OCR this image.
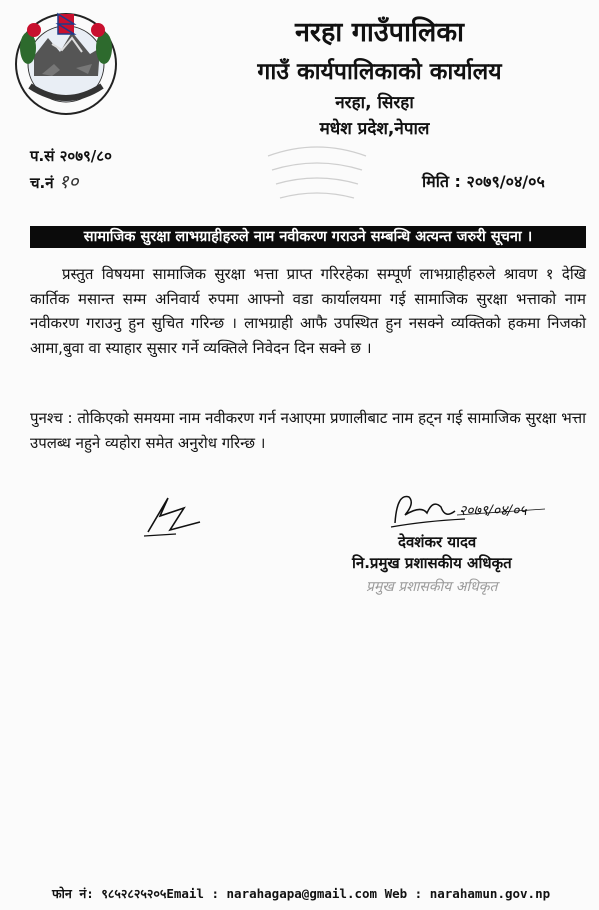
नरहा गाउँपालिका
गाउँ कार्यपालिकाको कार्यालय
नरहा, सिरहा
मधेश प्रदेश,नेपाल
प.सं २०७९/८०
च.नं १०	मिति : २०७९/०४/०५
सामाजिक सुरक्षा लाभग्राहीहरुले नाम नवीकरण गराउने सम्बन्धि अत्यन्त जरुरी सूचना ।
प्रस्तुत विषयमा सामाजिक सुरक्षा भत्ता प्राप्त गरिरहेका सम्पूर्ण लाभग्राहीहरुले श्रावण १ देखि कार्तिक मसान्त सम्म अनिवार्य रुपमा आफ्नो वडा कार्यालयमा गई सामाजिक सुरक्षा भत्ताको नाम नवीकरण गराउनु हुन सुचित गरिन्छ । लाभग्राही आफै उपस्थित हुन नसक्ने व्यक्तिको हकमा निजको आमा,बुवा वा स्याहार सुसार गर्ने व्यक्तिले निवेदन दिन सक्ने छ ।
पुनश्च : तोकिएको समयमा नाम नवीकरण गर्न नआएमा प्रणालीबाट नाम हट्न गई सामाजिक सुरक्षा भत्ता उपलब्ध नहुने व्यहोरा समेत अनुरोध गरिन्छ ।
२०७९/०४/०५
देवशंकर यादव
नि.प्रमुख प्रशासकीय अधिकृत
प्रमुख प्रशासकीय अधिकृत
फोन नं: ९८५२८२५२०५Email : narahagapa@gmail.com Web : narahamun.gov.np
